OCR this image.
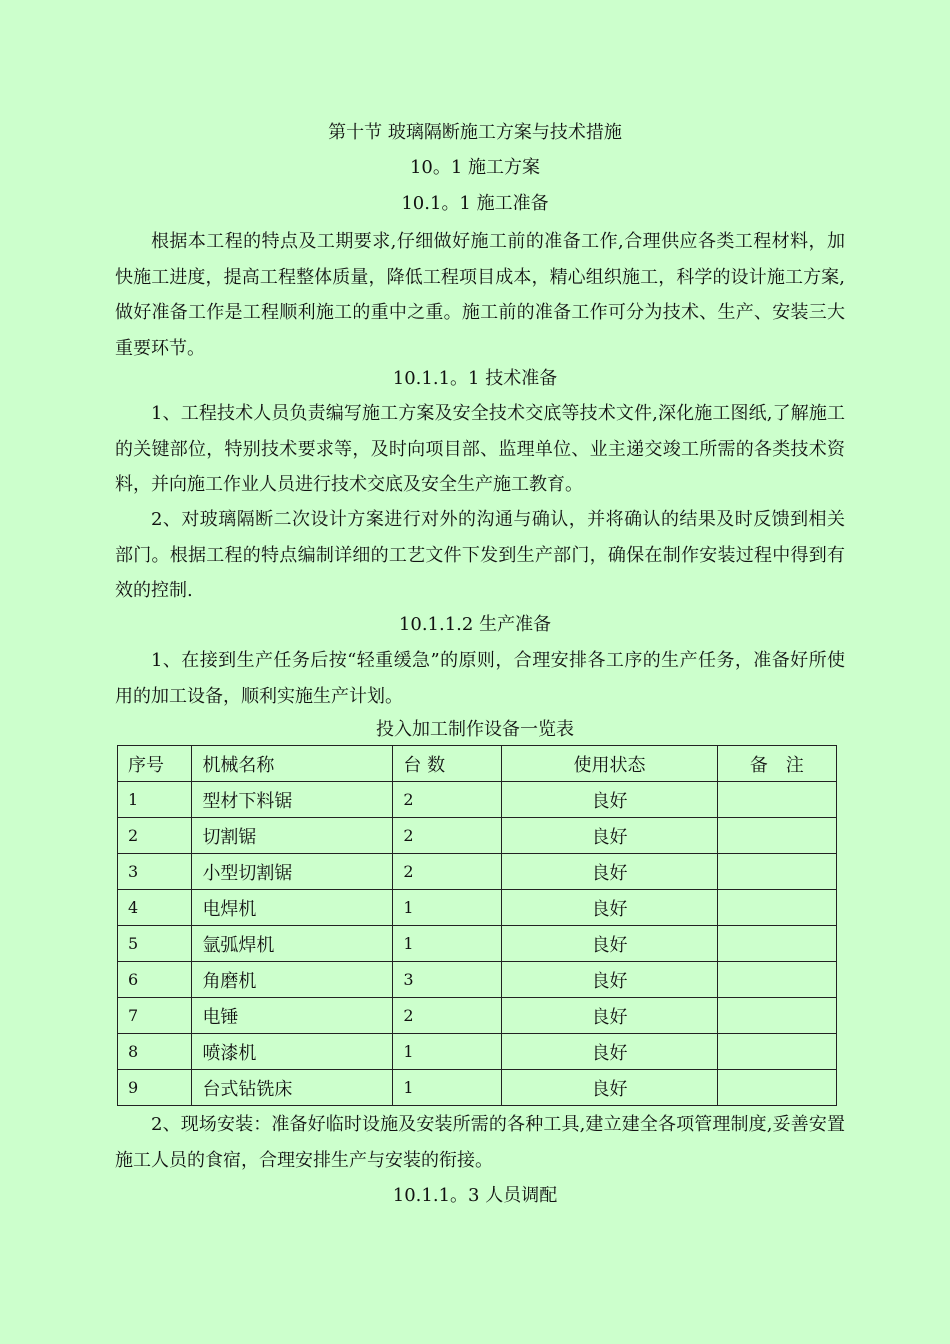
第十节 玻璃隔断施工方案与技术措施
10。1 施工方案
10.1。1 施工准备
根据本工程的特点及工期要求,仔细做好施工前的准备工作,合理供应各类工程材料，加快施工进度，提高工程整体质量，降低工程项目成本，精心组织施工，科学的设计施工方案,做好准备工作是工程顺利施工的重中之重。施工前的准备工作可分为技术、生产、安装三大重要环节。
10.1.1。1 技术准备
1、工程技术人员负责编写施工方案及安全技术交底等技术文件,深化施工图纸,了解施工的关键部位，特别技术要求等，及时向项目部、监理单位、业主递交竣工所需的各类技术资料，并向施工作业人员进行技术交底及安全生产施工教育。
2、对玻璃隔断二次设计方案进行对外的沟通与确认，并将确认的结果及时反馈到相关部门。根据工程的特点编制详细的工艺文件下发到生产部门，确保在制作安装过程中得到有效的控制.
10.1.1.2 生产准备
1、在接到生产任务后按“轻重缓急”的原则，合理安排各工序的生产任务，准备好所使用的加工设备，顺利实施生产计划。
投入加工制作设备一览表
序号	机械名称	台 数	使用状态	备　注
1	型材下料锯	2	良好	
2	切割锯	2	良好	
3	小型切割锯	2	良好	
4	电焊机	1	良好	
5	氩弧焊机	1	良好	
6	角磨机	3	良好	
7	电锤	2	良好	
8	喷漆机	1	良好	
9	台式钻铣床	1	良好	
2、现场安装：准备好临时设施及安装所需的各种工具,建立建全各项管理制度,妥善安置施工人员的食宿，合理安排生产与安装的衔接。
10.1.1。3 人员调配
